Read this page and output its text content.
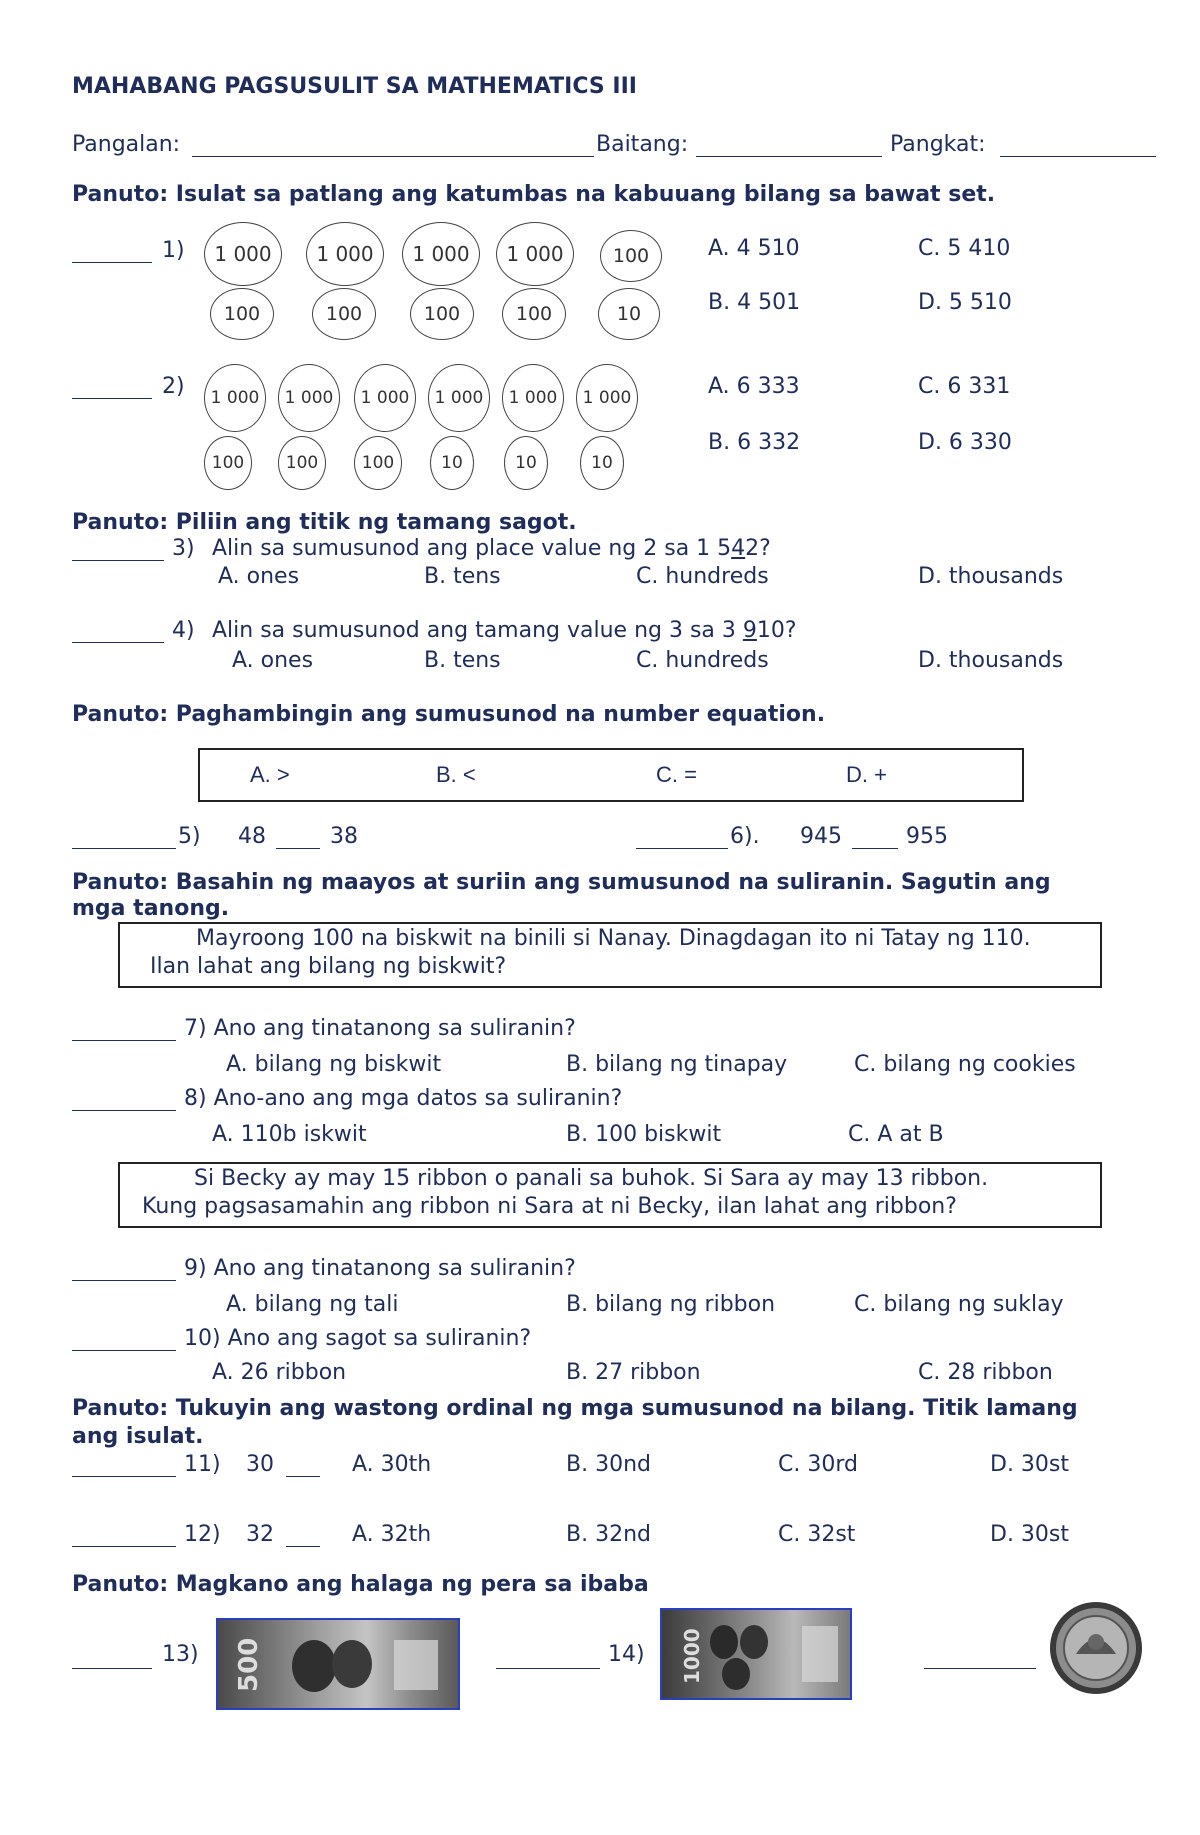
MAHABANG PAGSUSULIT SA MATHEMATICS III
Pangalan:	Baitang:	Pangkat:
Panuto: Isulat sa patlang ang katumbas na kabuuang bilang sa bawat set.
1)	1 000	1 000	1 000	1 000	100
100	100	100	100	10
A. 4 510	C. 5 410
B. 4 501	D. 5 510
2)	1 000	1 000	1 000	1 000	1 000	1 000
100	100	100	10	10	10
A. 6 333	C. 6 331
B. 6 332	D. 6 330
Panuto: Piliin ang titik ng tamang sagot.
3) Alin sa sumusunod ang place value ng 2 sa 1 542?
A. ones	B. tens	C. hundreds	D. thousands
4) Alin sa sumusunod ang tamang value ng 3 sa 3 910?
A. ones	B. tens	C. hundreds	D. thousands
Panuto: Paghambingin ang sumusunod na number equation.
A. >	B. <	C. =	D. +
5) 48	38	6). 945	955
Panuto: Basahin ng maayos at suriin ang sumusunod na suliranin. Sagutin ang
mga tanong.
Mayroong 100 na biskwit na binili si Nanay. Dinagdagan ito ni Tatay ng 110.
Ilan lahat ang bilang ng biskwit?
7) Ano ang tinatanong sa suliranin?
A. bilang ng biskwit	B. bilang ng tinapay	C. bilang ng cookies
8) Ano-ano ang mga datos sa suliranin?
A. 110b iskwit	B. 100 biskwit	C. A at B
Si Becky ay may 15 ribbon o panali sa buhok. Si Sara ay may 13 ribbon.
Kung pagsasamahin ang ribbon ni Sara at ni Becky, ilan lahat ang ribbon?
9) Ano ang tinatanong sa suliranin?
A. bilang ng tali	B. bilang ng ribbon	C. bilang ng suklay
10) Ano ang sagot sa suliranin?
A. 26 ribbon	B. 27 ribbon	C. 28 ribbon
Panuto: Tukuyin ang wastong ordinal ng mga sumusunod na bilang. Titik lamang
ang isulat.
11) 30	A. 30th	B. 30nd	C. 30rd	D. 30st
12) 32	A. 32th	B. 32nd	C. 32st	D. 30st
Panuto: Magkano ang halaga ng pera sa ibaba
13) 500	14) 1000
